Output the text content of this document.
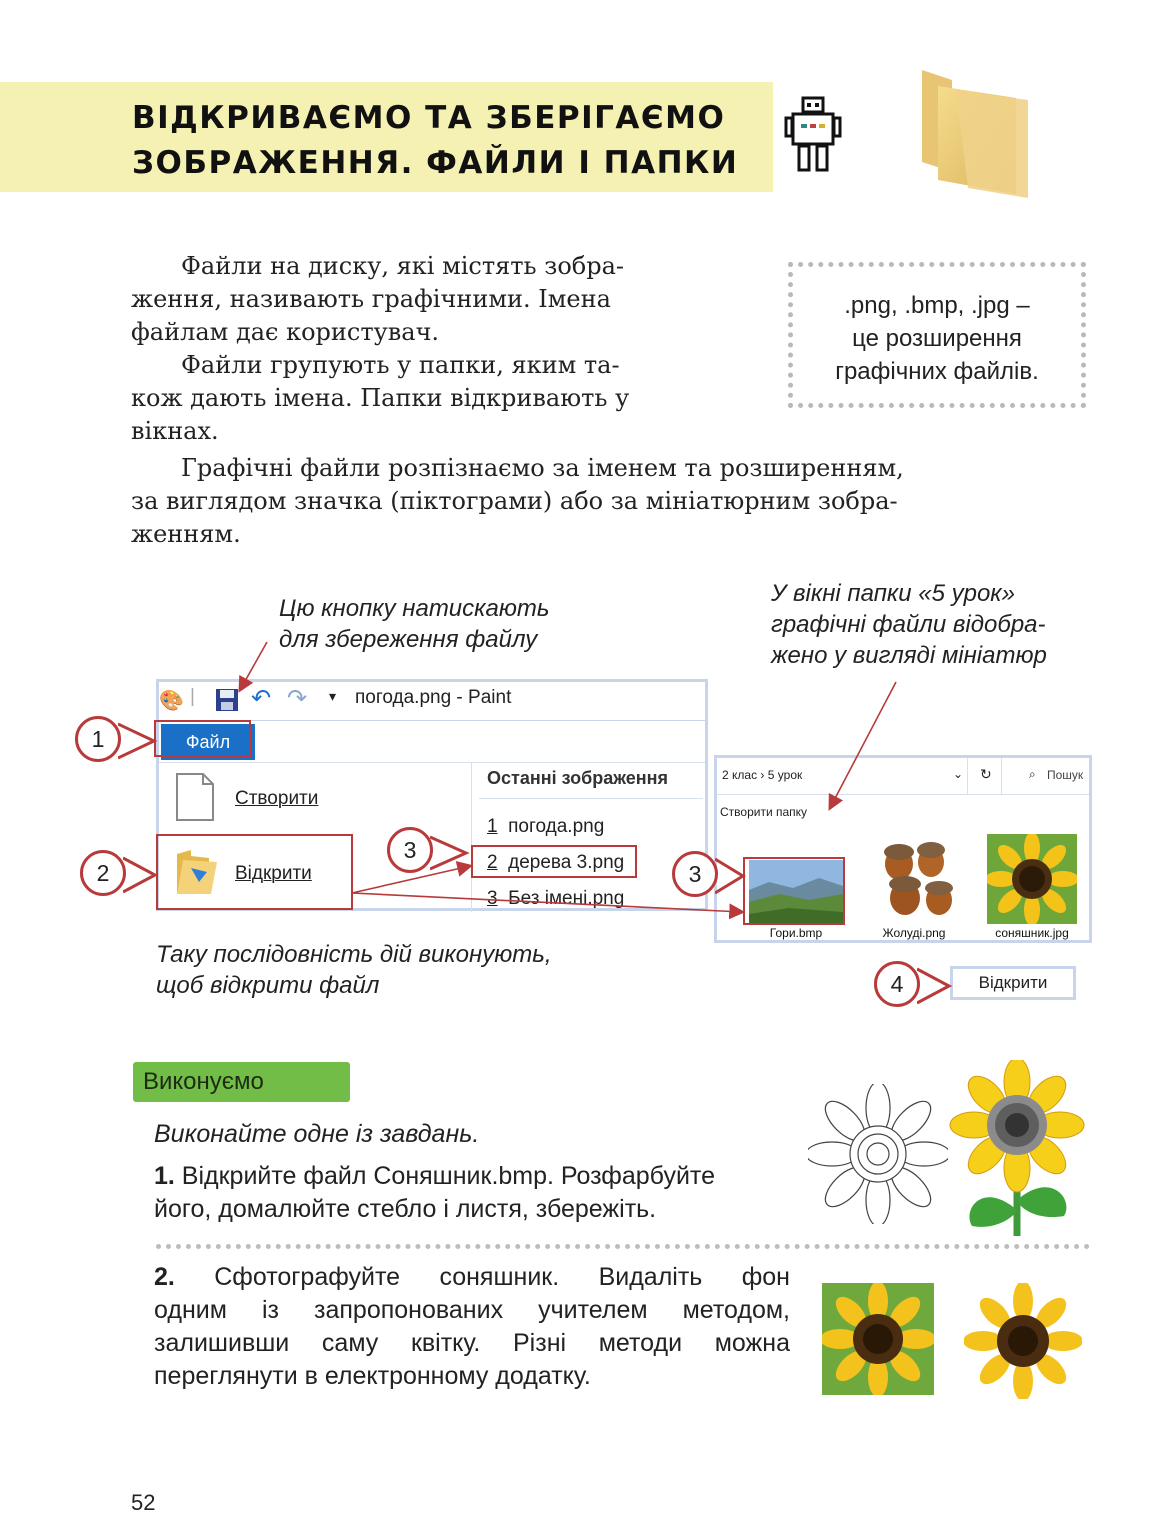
ВІДКРИВАЄМО ТА ЗБЕРІГАЄМО
ЗОБРАЖЕННЯ. ФАЙЛИ І ПАПКИ
Файли на диску, які містять зобра-
ження, називають графічними. Імена
файлам дає користувач.
Файли групують у папки, яким та-
кож дають імена. Папки відкривають у
вікнах.
Графічні файли розпізнаємо за іменем та розширенням,
за виглядом значка (піктограми) або за мініатюрним зобра-
женням.
.png, .bmp, .jpg –
це розширення
графічних файлів.
Цю кнопку натискають
для збереження файлу
У вікні папки «5 урок»
графічні файли відобра-
жено у вигляді мініатюр
Таку послідовність дій виконують,
щоб відкрити файл
🎨 | ↶ ↷ ▾ погода.png - Paint
Файл
Створити
Відкрити
Останні зображення
1 погода.png
2 дерева 3.png
3 Без імені.png
2 клас › 5 урок	⌄ ↻	⌕ Пошук
Створити папку
Гори.bmp	Жолуді.png	соняшник.jpg
Відкрити
1
2
3
3
4
Виконуємо
Виконайте одне із завдань.
1. Відкрийте файл Соняшник.bmp. Розфарбуйте
його, домалюйте стебло і листя, збережіть.
2. Сфотографуйте соняшник. Видаліть фон
одним із запропонованих учителем методом,
залишивши саму квітку. Різні методи можна
переглянути в електронному додатку.
52
